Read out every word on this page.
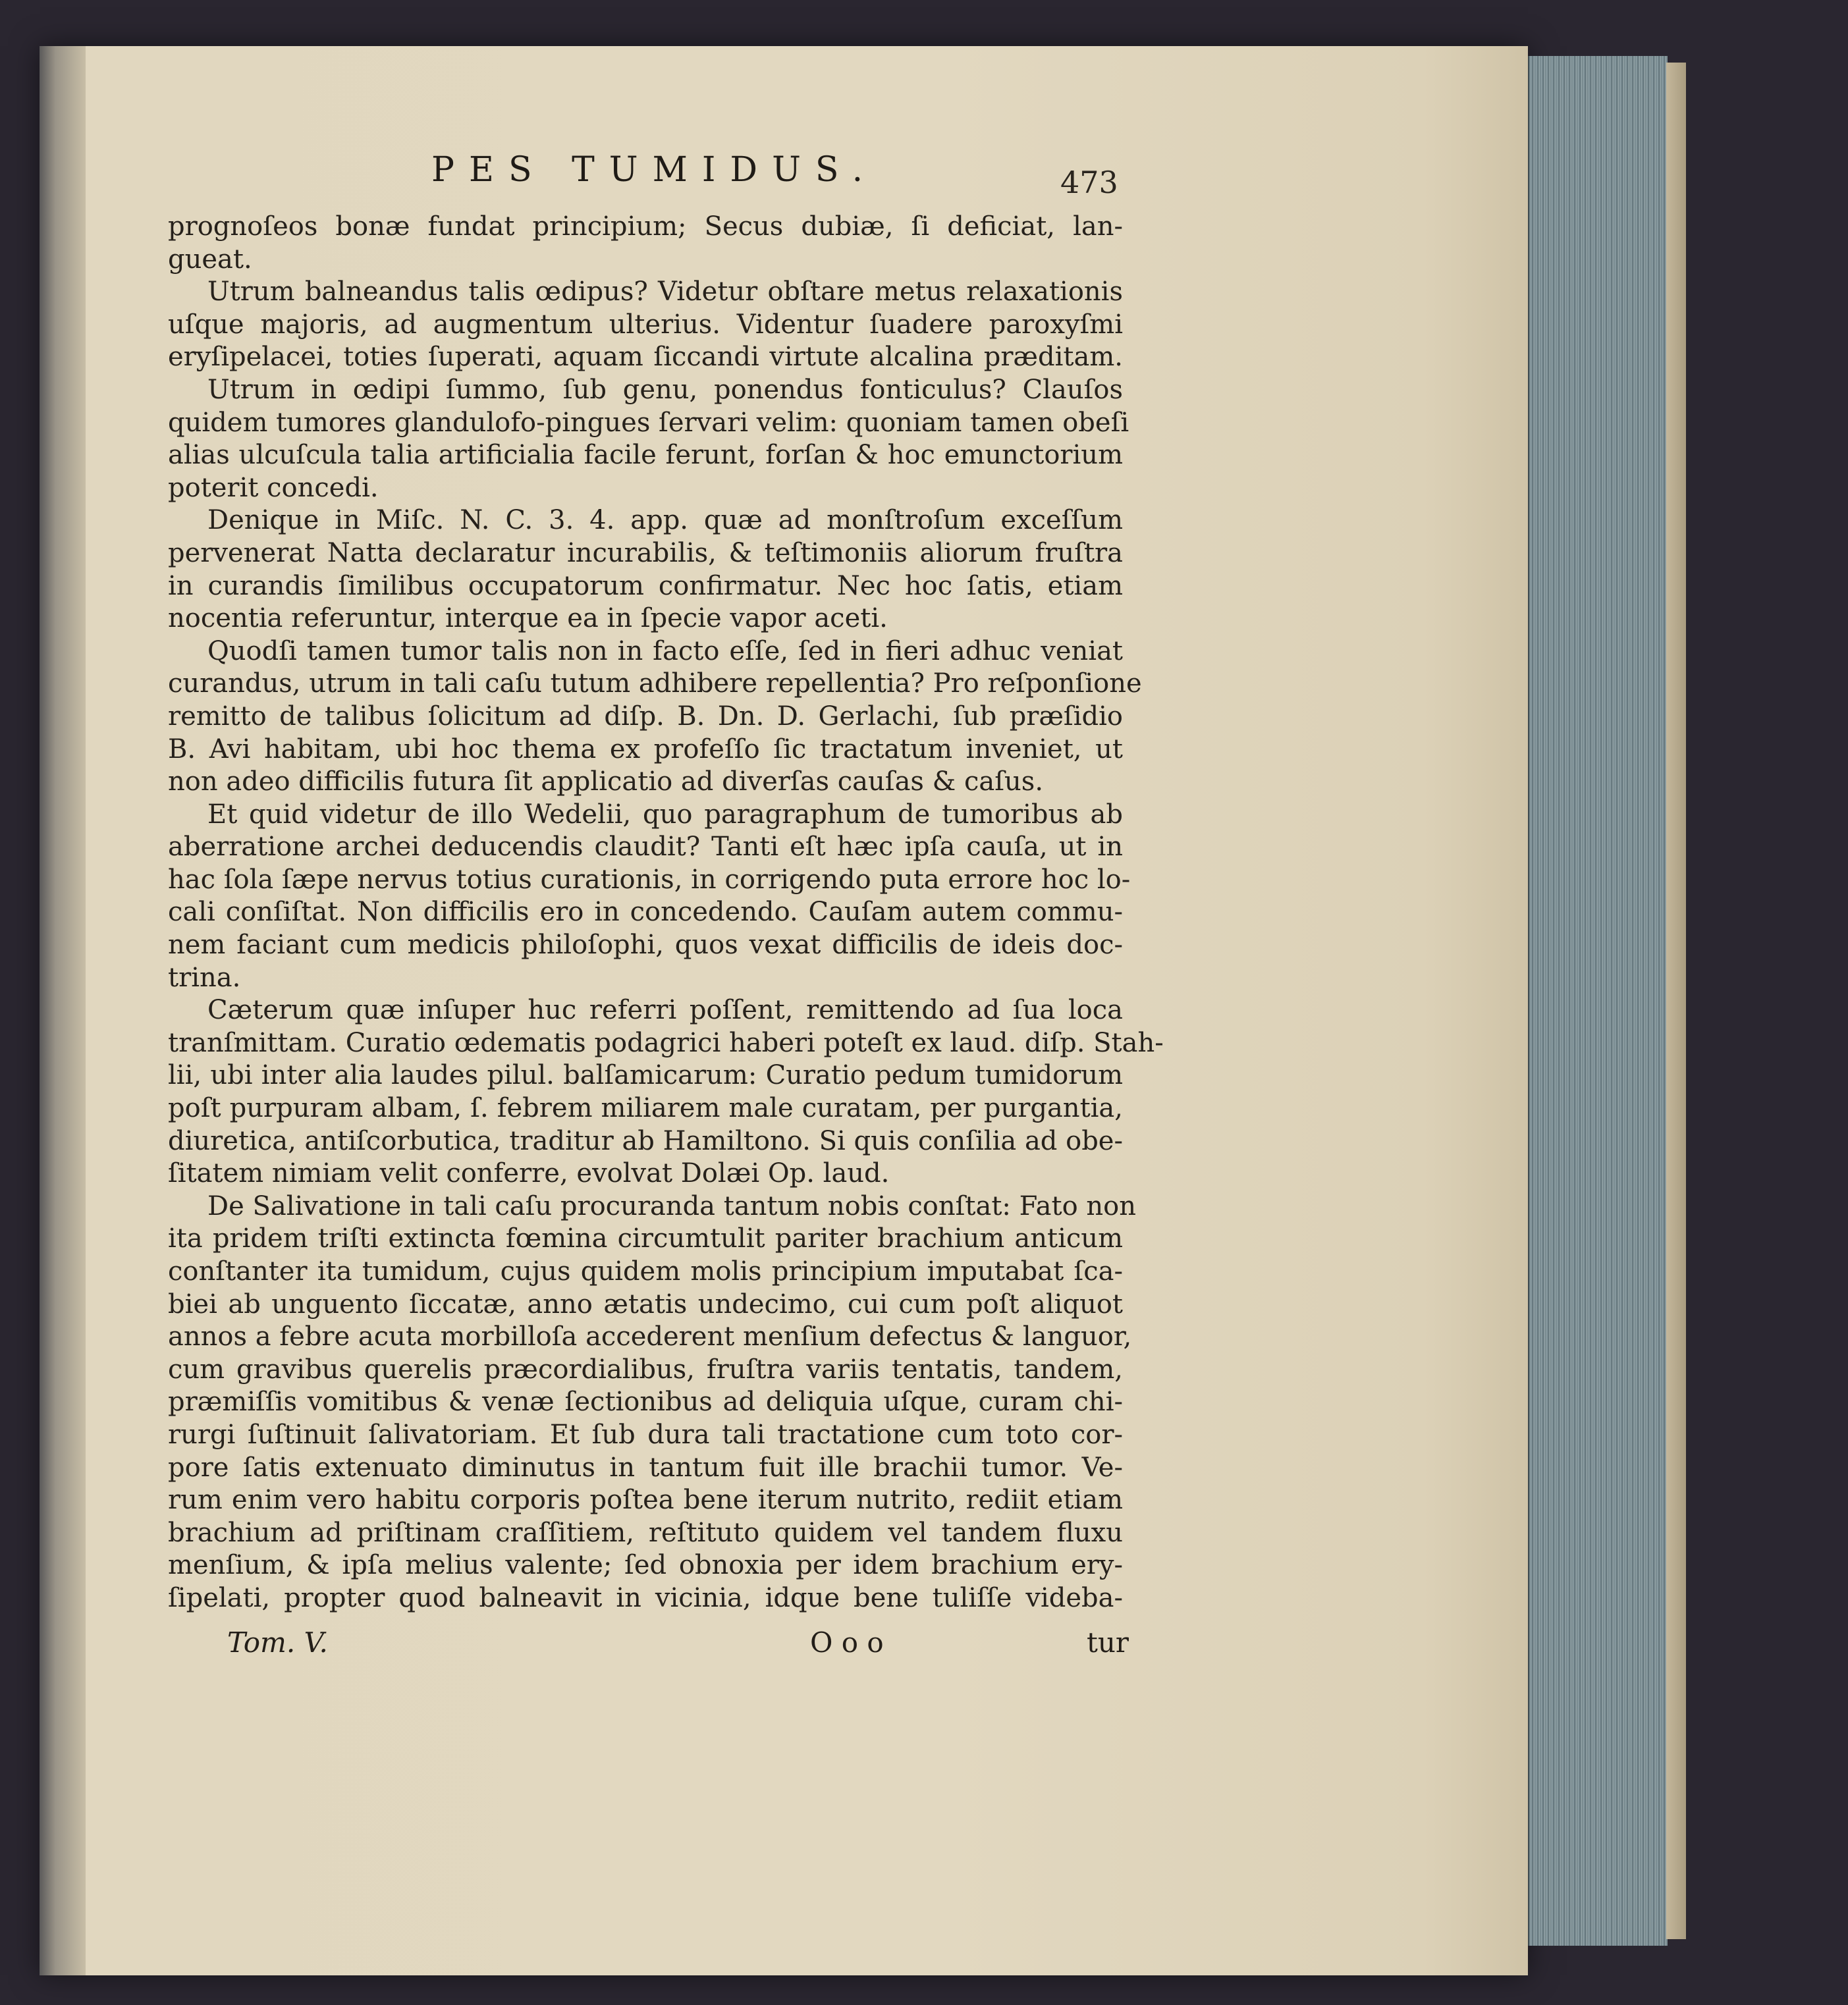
PES TUMIDUS.	473
prognoſeos bonæ fundat principium; Secus dubiæ, ſi deficiat, lan-
gueat.
Utrum balneandus talis œdipus? Videtur obſtare metus relaxationis
uſque majoris, ad augmentum ulterius. Videntur ſuadere paroxyſmi
eryſipelacei, toties ſuperati, aquam ſiccandi virtute alcalina præditam.
Utrum in œdipi ſummo, ſub genu, ponendus fonticulus? Clauſos
quidem tumores glandulofo-pingues ſervari velim: quoniam tamen obeſi
alias ulcuſcula talia artificialia facile ferunt, forſan & hoc emunctorium
poterit concedi.
Denique in Miſc. N. C. 3. 4. app. quæ ad monſtroſum exceſſum
pervenerat Natta declaratur incurabilis, & teſtimoniis aliorum fruſtra
in curandis ſimilibus occupatorum confirmatur. Nec hoc ſatis, etiam
nocentia referuntur, interque ea in ſpecie vapor aceti.
Quodſi tamen tumor talis non in facto eſſe, ſed in fieri adhuc veniat
curandus, utrum in tali caſu tutum adhibere repellentia? Pro reſponſione
remitto de talibus ſolicitum ad diſp. B. Dn. D. Gerlachi, ſub præſidio
B. Avi habitam, ubi hoc thema ex profeſſo ſic tractatum inveniet, ut
non adeo difficilis futura ſit applicatio ad diverſas cauſas & caſus.
Et quid videtur de illo Wedelii, quo paragraphum de tumoribus ab
aberratione archei deducendis claudit? Tanti eſt hæc ipſa cauſa, ut in
hac ſola ſæpe nervus totius curationis, in corrigendo puta errore hoc lo-
cali conſiſtat. Non difficilis ero in concedendo. Cauſam autem commu-
nem faciant cum medicis philoſophi, quos vexat difficilis de ideis doc-
trina.
Cæterum quæ inſuper huc referri poſſent, remittendo ad ſua loca
tranſmittam. Curatio œdematis podagrici haberi poteſt ex laud. diſp. Stah-
lii, ubi inter alia laudes pilul. balſamicarum: Curatio pedum tumidorum
poſt purpuram albam, ſ. febrem miliarem male curatam, per purgantia,
diuretica, antiſcorbutica, traditur ab Hamiltono. Si quis conſilia ad obe-
ſitatem nimiam velit conferre, evolvat Dolæi Op. laud.
De Salivatione in tali caſu procuranda tantum nobis conſtat: Fato non
ita pridem triſti extincta fœmina circumtulit pariter brachium anticum
conſtanter ita tumidum, cujus quidem molis principium imputabat ſca-
biei ab unguento ſiccatæ, anno ætatis undecimo, cui cum poſt aliquot
annos a febre acuta morbilloſa accederent menſium defectus & languor,
cum gravibus querelis præcordialibus, fruſtra variis tentatis, tandem,
præmiſſis vomitibus & venæ ſectionibus ad deliquia uſque, curam chi-
rurgi ſuſtinuit ſalivatoriam. Et ſub dura tali tractatione cum toto cor-
pore ſatis extenuato diminutus in tantum fuit ille brachii tumor. Ve-
rum enim vero habitu corporis poſtea bene iterum nutrito, rediit etiam
brachium ad priſtinam craſſitiem, reſtituto quidem vel tandem fluxu
menſium, & ipſa melius valente; ſed obnoxia per idem brachium ery-
ſipelati, propter quod balneavit in vicinia, idque bene tuliſſe videba-
Tom. V.	O o o	tur
